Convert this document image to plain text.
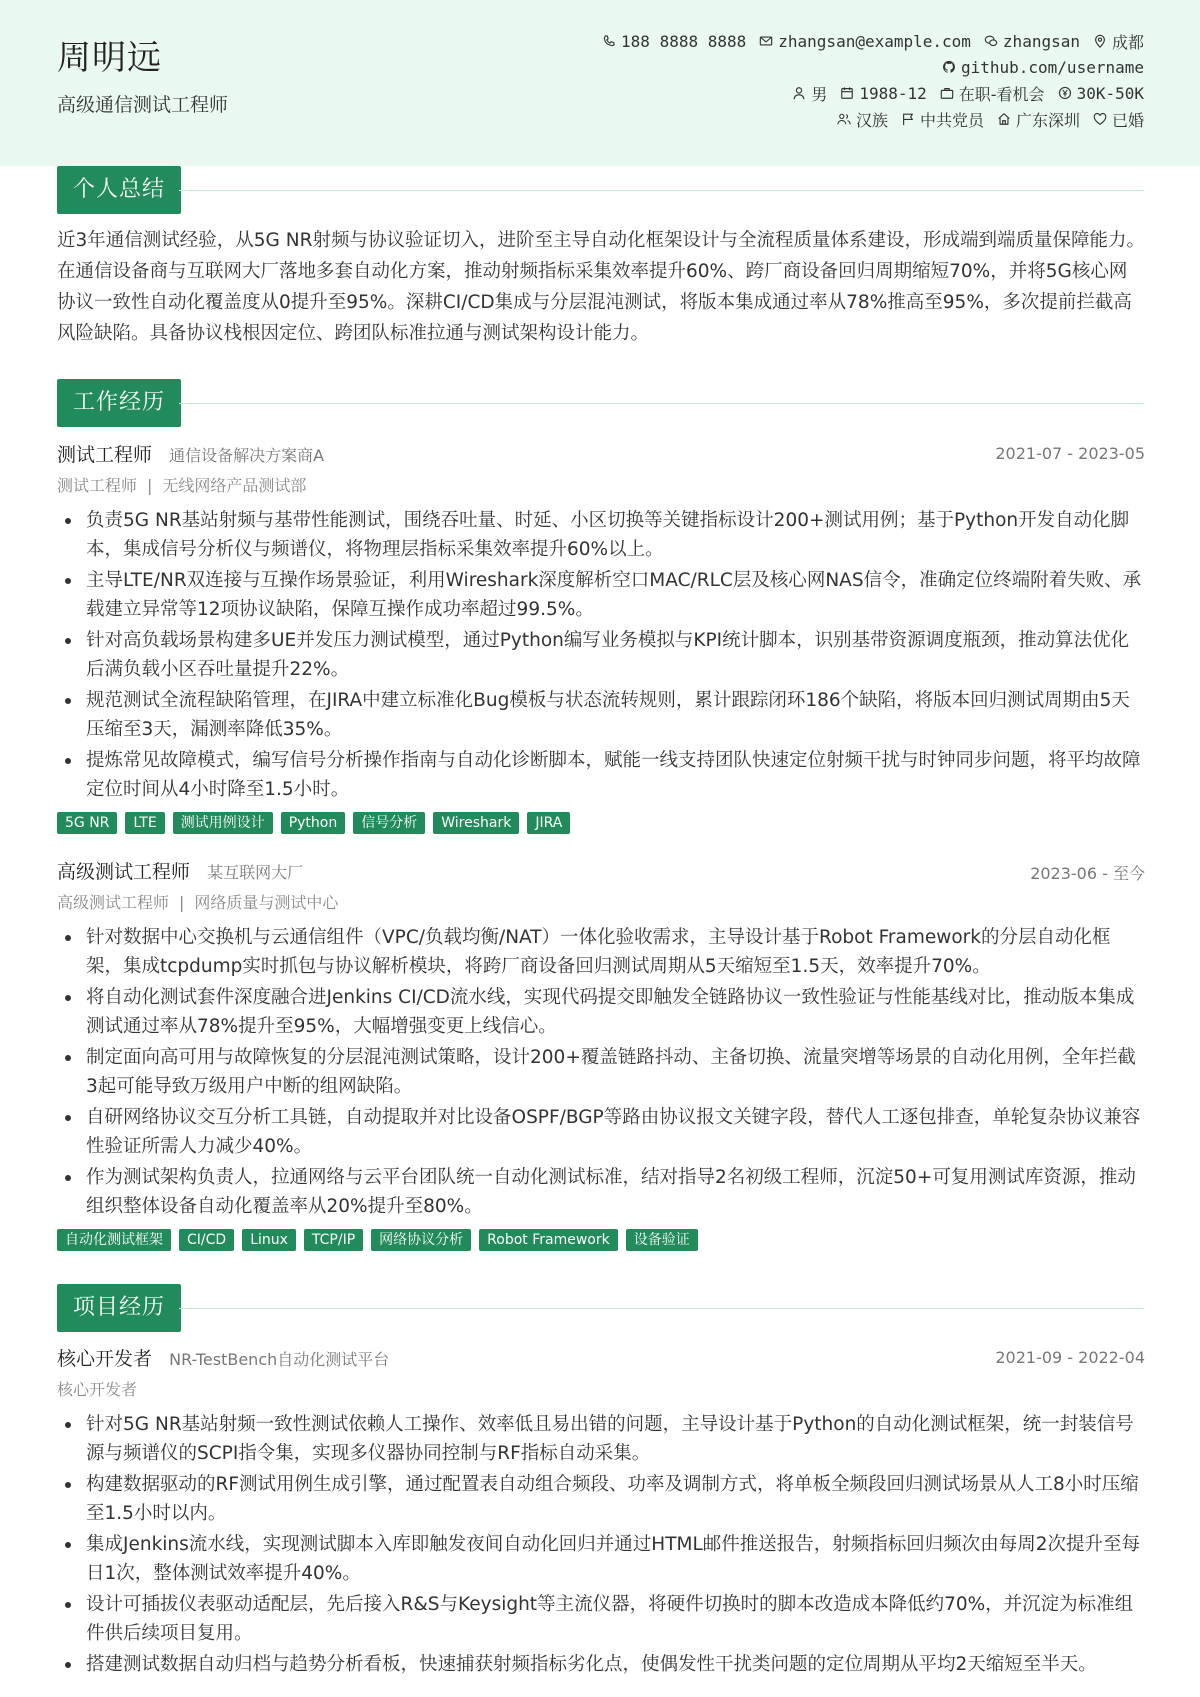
周明远
高级通信测试工程师
188 8888 8888 zhangsan@example.com zhangsan 成都
github.com/username
男 1988-12 在职-看机会 30K-50K
汉族 中共党员 广东深圳 已婚
个人总结

近3年通信测试经验，从5G NR射频与协议验证切入，进阶至主导自动化框架设计与全流程质量体系建设，形成端到端质量保障能力。在通信设备商与互联网大厂落地多套自动化方案，推动射频指标采集效率提升60%、跨厂商设备回归周期缩短70%，并将5G核心网协议一致性自动化覆盖度从0提升至95%。深耕CI/CD集成与分层混沌测试，将版本集成通过率从78%推高至95%，多次提前拦截高风险缺陷。具备协议栈根因定位、跨团队标准拉通与测试架构设计能力。

工作经历
测试工程师 通信设备解决方案商A	2021-07 - 2023-05
测试工程师 | 无线网络产品测试部
负责5G NR基站射频与基带性能测试，围绕吞吐量、时延、小区切换等关键指标设计200+测试用例；基于Python开发自动化脚本，集成信号分析仪与频谱仪，将物理层指标采集效率提升60%以上。
主导LTE/NR双连接与互操作场景验证，利用Wireshark深度解析空口MAC/RLC层及核心网NAS信令，准确定位终端附着失败、承载建立异常等12项协议缺陷，保障互操作成功率超过99.5%。
针对高负载场景构建多UE并发压力测试模型，通过Python编写业务模拟与KPI统计脚本，识别基带资源调度瓶颈，推动算法优化后满负载小区吞吐量提升22%。
规范测试全流程缺陷管理，在JIRA中建立标准化Bug模板与状态流转规则，累计跟踪闭环186个缺陷，将版本回归测试周期由5天压缩至3天，漏测率降低35%。
提炼常见故障模式，编写信号分析操作指南与自动化诊断脚本，赋能一线支持团队快速定位射频干扰与时钟同步问题，将平均故障定位时间从4小时降至1.5小时。
5G NR	LTE	测试用例设计	Python	信号分析	Wireshark	JIRA
高级测试工程师 某互联网大厂	2023-06 - 至今
高级测试工程师 | 网络质量与测试中心
针对数据中心交换机与云通信组件（VPC/负载均衡/NAT）一体化验收需求，主导设计基于Robot Framework的分层自动化框架，集成tcpdump实时抓包与协议解析模块，将跨厂商设备回归测试周期从5天缩短至1.5天，效率提升70%。
将自动化测试套件深度融合进Jenkins CI/CD流水线，实现代码提交即触发全链路协议一致性验证与性能基线对比，推动版本集成测试通过率从78%提升至95%，大幅增强变更上线信心。
制定面向高可用与故障恢复的分层混沌测试策略，设计200+覆盖链路抖动、主备切换、流量突增等场景的自动化用例，全年拦截3起可能导致万级用户中断的组网缺陷。
自研网络协议交互分析工具链，自动提取并对比设备OSPF/BGP等路由协议报文关键字段，替代人工逐包排查，单轮复杂协议兼容性验证所需人力减少40%。
作为测试架构负责人，拉通网络与云平台团队统一自动化测试标准，结对指导2名初级工程师，沉淀50+可复用测试库资源，推动组织整体设备自动化覆盖率从20%提升至80%。
自动化测试框架	CI/CD	Linux	TCP/IP	网络协议分析	Robot Framework	设备验证
项目经历
核心开发者 NR-TestBench自动化测试平台	2021-09 - 2022-04
核心开发者
针对5G NR基站射频一致性测试依赖人工操作、效率低且易出错的问题，主导设计基于Python的自动化测试框架，统一封装信号源与频谱仪的SCPI指令集，实现多仪器协同控制与RF指标自动采集。
构建数据驱动的RF测试用例生成引擎，通过配置表自动组合频段、功率及调制方式，将单板全频段回归测试场景从人工8小时压缩至1.5小时以内。
集成Jenkins流水线，实现测试脚本入库即触发夜间自动化回归并通过HTML邮件推送报告，射频指标回归频次由每周2次提升至每日1次，整体测试效率提升40%。
设计可插拔仪表驱动适配层，先后接入R&S与Keysight等主流仪器，将硬件切换时的脚本改造成本降低约70%，并沉淀为标准组件供后续项目复用。
搭建测试数据自动归档与趋势分析看板，快速捕获射频指标劣化点，使偶发性干扰类问题的定位周期从平均2天缩短至半天。
